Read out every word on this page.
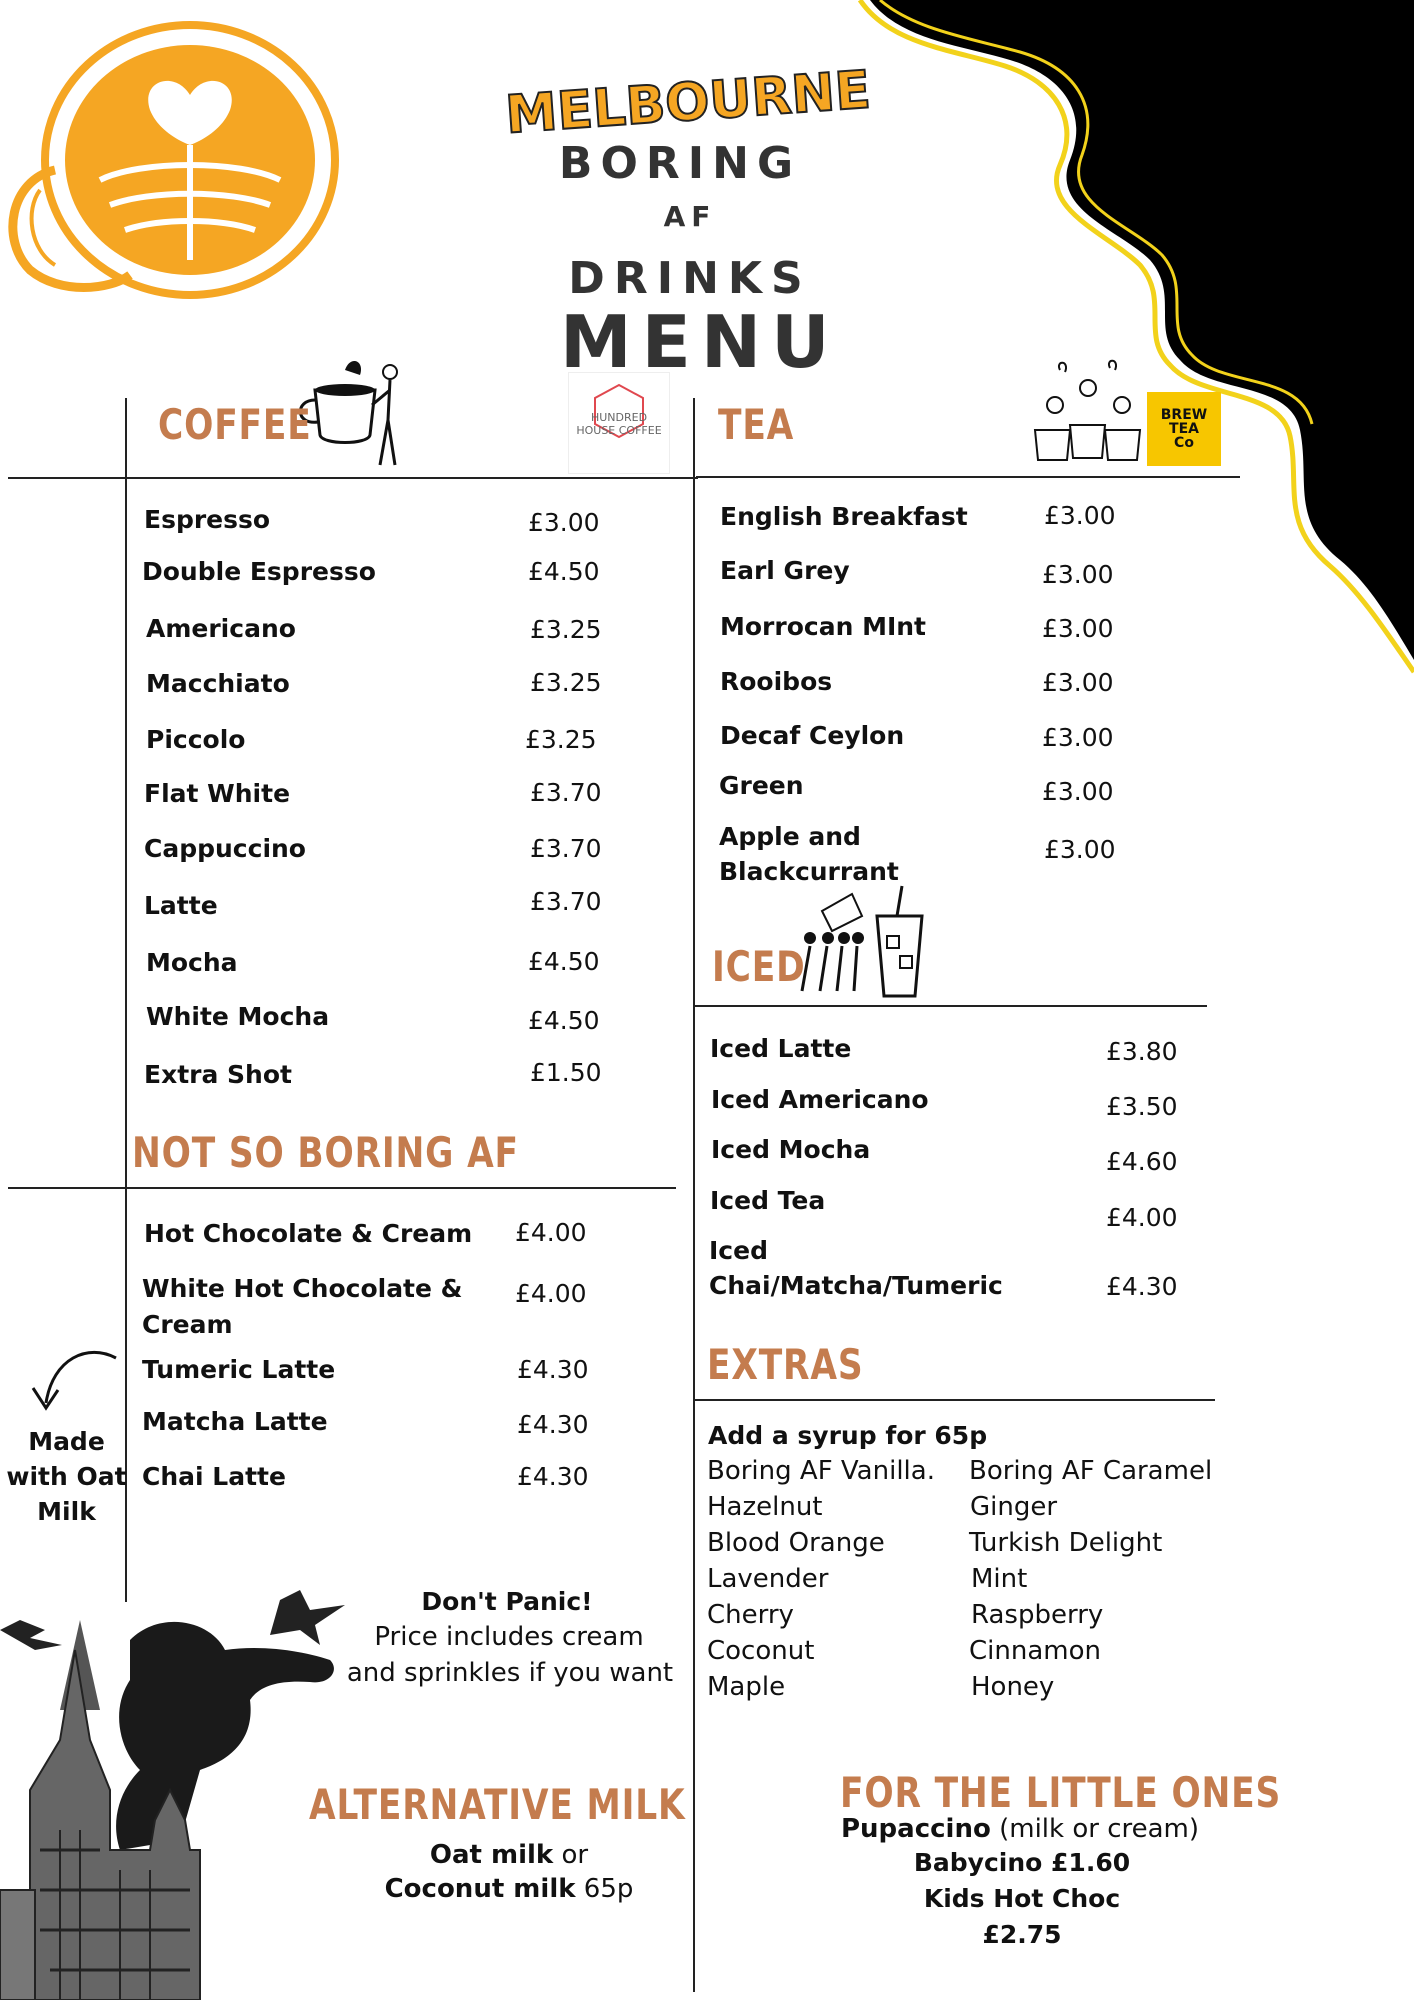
MELBOURNE
BORING
AF
DRINKS
MENU
HUNDRED HOUSE COFFEE
BREW
TEA
Co
COFFEE
Espresso	£3.00
Double Espresso	£4.50
Americano	£3.25
Macchiato	£3.25
Piccolo	£3.25
Flat White	£3.70
Cappuccino	£3.70
Latte	£3.70
Mocha	£4.50
White Mocha	£4.50
Extra Shot	£1.50
NOT SO BORING AF
Hot Chocolate & Cream £4.00
White Hot Chocolate &
Cream
£4.00
Tumeric Latte	£4.30
Matcha Latte	£4.30
Chai Latte	£4.30
Made
with Oat
Milk
Don't Panic!
Price includes cream
and sprinkles if you want
ALTERNATIVE MILK
Oat milk or
Coconut milk 65p
TEA
English Breakfast	£3.00
Earl Grey	£3.00
Morrocan MInt	£3.00
Rooibos	£3.00
Decaf Ceylon	£3.00
Green	£3.00
Apple and
Blackcurrant
£3.00
ICED
Iced Latte	£3.80
Iced Americano	£3.50
Iced Mocha	£4.60
Iced Tea
£4.00
Iced
Chai/Matcha/Tumeric	£4.30
EXTRAS
Add a syrup for 65p
Boring AF Vanilla.
Hazelnut
Blood Orange
Lavender
Cherry
Coconut
Maple
Boring AF Caramel
Ginger
Turkish Delight
Mint
Raspberry
Cinnamon
Honey
FOR THE LITTLE ONES
Pupaccino (milk or cream)
Babycino £1.60
Kids Hot Choc
£2.75
